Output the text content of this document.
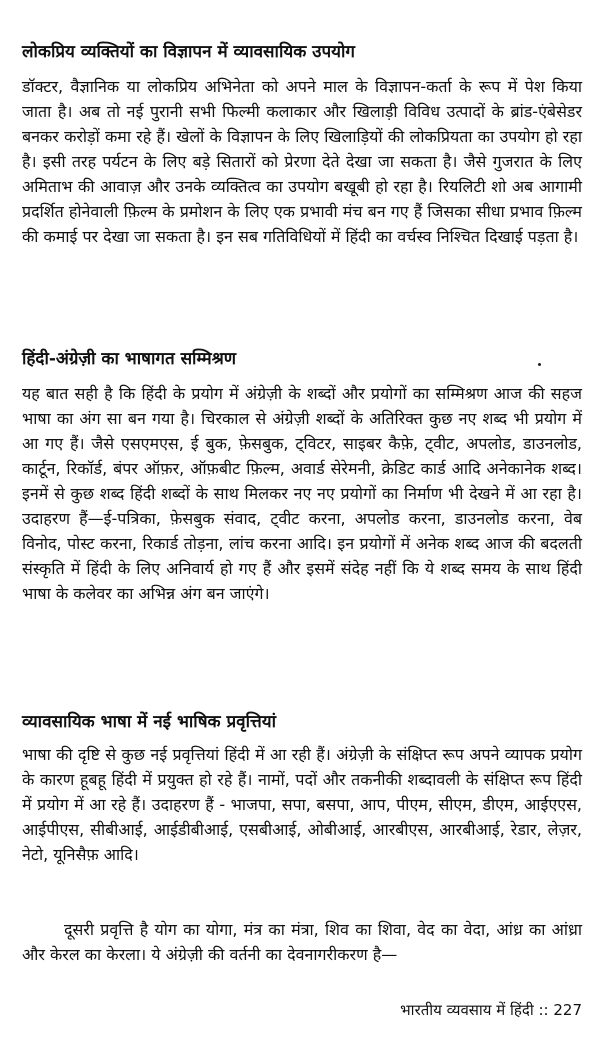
लोकप्रिय व्यक्तियों का विज्ञापन में व्यावसायिक उपयोग
डॉक्टर, वैज्ञानिक या लोकप्रिय अभिनेता को अपने माल के विज्ञापन-कर्ता के रूप में पेश किया जाता है। अब तो नई पुरानी सभी फिल्मी कलाकार और खिलाड़ी विविध उत्पादों के ब्रांड-एंबेसेडर बनकर करोड़ों कमा रहे हैं। खेलों के विज्ञापन के लिए खिलाड़ियों की लोकप्रियता का उपयोग हो रहा है। इसी तरह पर्यटन के लिए बड़े सितारों को प्रेरणा देते देखा जा सकता है। जैसे गुजरात के लिए अमिताभ की आवाज़ और उनके व्यक्तित्व का उपयोग बखूबी हो रहा है। रियलिटी शो अब आगामी प्रदर्शित होनेवाली फ़िल्म के प्रमोशन के लिए एक प्रभावी मंच बन गए हैं जिसका सीधा प्रभाव फ़िल्म की कमाई पर देखा जा सकता है। इन सब गतिविधियों में हिंदी का वर्चस्व निश्चित दिखाई पड़ता है।
हिंदी-अंग्रेज़ी का भाषागत सम्मिश्रण
यह बात सही है कि हिंदी के प्रयोग में अंग्रेज़ी के शब्दों और प्रयोगों का सम्मिश्रण आज की सहज भाषा का अंग सा बन गया है। चिरकाल से अंग्रेज़ी शब्दों के अतिरिक्त कुछ नए शब्द भी प्रयोग में आ गए हैं। जैसे एसएमएस, ई बुक, फ़ेसबुक, ट्विटर, साइबर कैफ़े, ट्वीट, अपलोड, डाउनलोड, कार्टून, रिकॉर्ड, बंपर ऑफ़र, ऑफ़बीट फ़िल्म, अवार्ड सेरेमनी, क्रेडिट कार्ड आदि अनेकानेक शब्द। इनमें से कुछ शब्द हिंदी शब्दों के साथ मिलकर नए नए प्रयोगों का निर्माण भी देखने में आ रहा है। उदाहरण हैं—ई-पत्रिका, फ़ेसबुक संवाद, ट्वीट करना, अपलोड करना, डाउनलोड करना, वेब विनोद, पोस्ट करना, रिकार्ड तोड़ना, लांच करना आदि। इन प्रयोगों में अनेक शब्द आज की बदलती संस्कृति में हिंदी के लिए अनिवार्य हो गए हैं और इसमें संदेह नहीं कि ये शब्द समय के साथ हिंदी भाषा के कलेवर का अभिन्न अंग बन जाएंगे।
व्यावसायिक भाषा में नई भाषिक प्रवृत्तियां
भाषा की दृष्टि से कुछ नई प्रवृत्तियां हिंदी में आ रही हैं। अंग्रेज़ी के संक्षिप्त रूप अपने व्यापक प्रयोग के कारण हूबहू हिंदी में प्रयुक्त हो रहे हैं। नामों, पदों और तकनीकी शब्दावली के संक्षिप्त रूप हिंदी में प्रयोग में आ रहे हैं। उदाहरण हैं - भाजपा, सपा, बसपा, आप, पीएम, सीएम, डीएम, आईएएस, आईपीएस, सीबीआई, आईडीबीआई, एसबीआई, ओबीआई, आरबीएस, आरबीआई, रेडार, लेज़र, नेटो, यूनिसैफ़ आदि।
दूसरी प्रवृत्ति है योग का योगा, मंत्र का मंत्रा, शिव का शिवा, वेद का वेदा, आंध्र का आंध्रा और केरल का केरला। ये अंग्रेज़ी की वर्तनी का देवनागरीकरण है—
भारतीय व्यवसाय में हिंदी :: 227
